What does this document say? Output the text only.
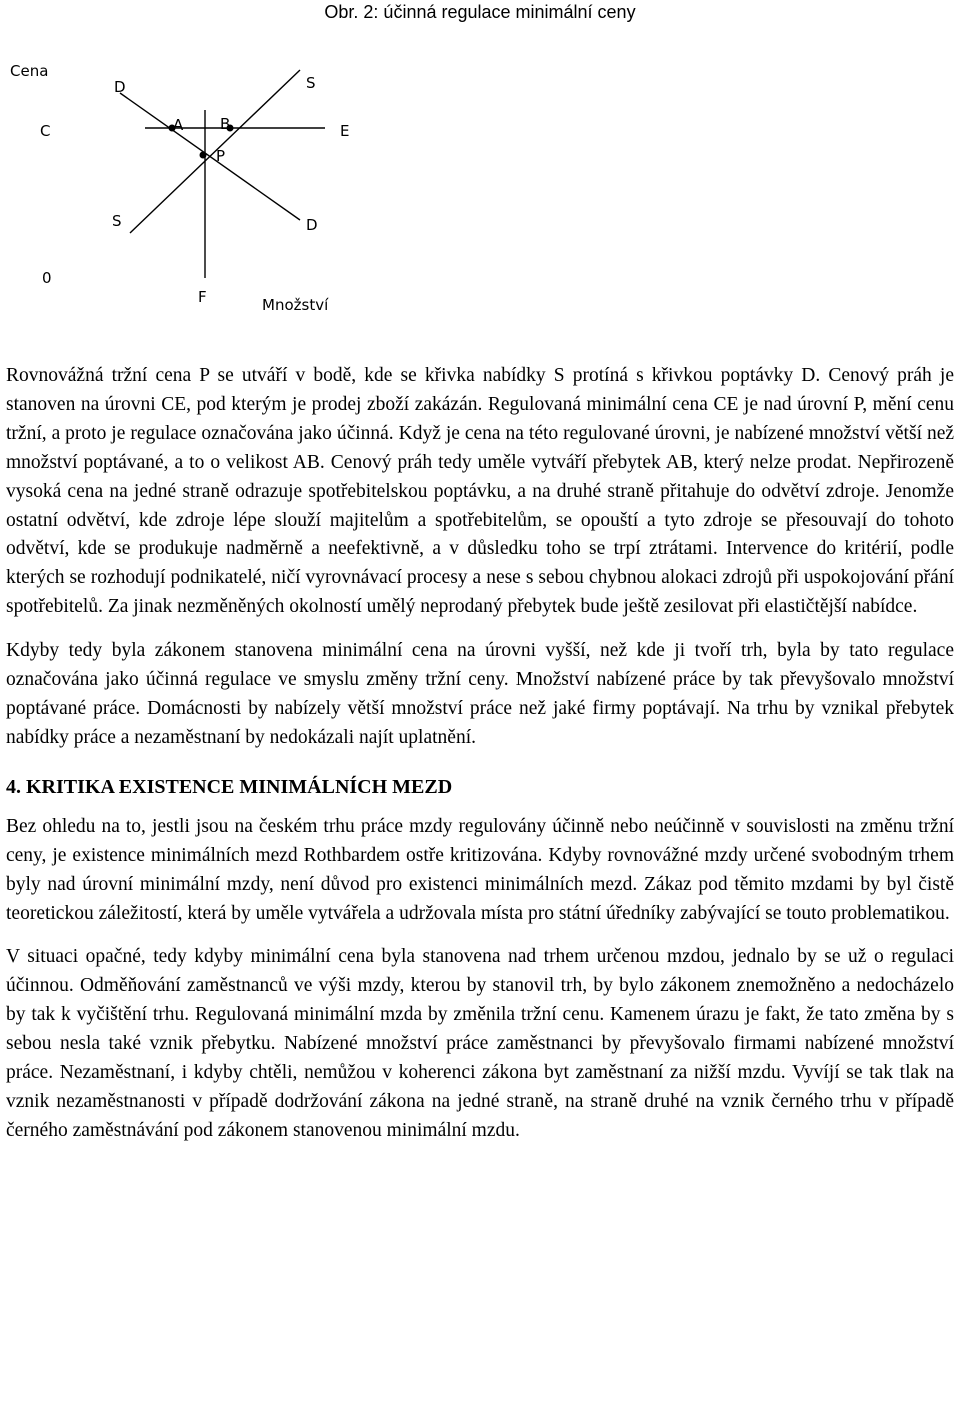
Obr. 2: účinná regulace minimální ceny
Cena
D	S
C	A B	E
P
S	D
0
F	Množství

Rovnovážná tržní cena P se utváří v bodě, kde se křivka nabídky S protíná s křivkou poptávky D. Cenový práh je stanoven na úrovni CE, pod kterým je prodej zboží zakázán. Regulovaná minimální cena CE je nad úrovní P, mění cenu tržní, a proto je regulace označována jako účinná. Když je cena na této regulované úrovni, je nabízené množství větší než množství poptávané, a to o velikost AB. Cenový práh tedy uměle vytváří přebytek AB, který nelze prodat. Nepřirozeně vysoká cena na jedné straně odrazuje spotřebitelskou poptávku, a na druhé straně přitahuje do odvětví zdroje. Jenomže ostatní odvětví, kde zdroje lépe slouží majitelům a spotřebitelům, se opouští a tyto zdroje se přesouvají do tohoto odvětví, kde se produkuje nadměrně a neefektivně, a v důsledku toho se trpí ztrátami. Intervence do kritérií, podle kterých se rozhodují podnikatelé, ničí vyrovnávací procesy a nese s sebou chybnou alokaci zdrojů při uspokojování přání spotřebitelů. Za jinak nezměněných okolností umělý neprodaný přebytek bude ještě zesilovat při elastičtější nabídce.

Kdyby tedy byla zákonem stanovena minimální cena na úrovni vyšší, než kde ji tvoří trh, byla by tato regulace označována jako účinná regulace ve smyslu změny tržní ceny. Množství nabízené práce by tak převyšovalo množství poptávané práce. Domácnosti by nabízely větší množství práce než jaké firmy poptávají. Na trhu by vznikal přebytek nabídky práce a nezaměstnaní by nedokázali najít uplatnění.

4. KRITIKA EXISTENCE MINIMÁLNÍCH MEZD

Bez ohledu na to, jestli jsou na českém trhu práce mzdy regulovány účinně nebo neúčinně v souvislosti na změnu tržní ceny, je existence minimálních mezd Rothbardem ostře kritizována. Kdyby rovnovážné mzdy určené svobodným trhem byly nad úrovní minimální mzdy, není důvod pro existenci minimálních mezd. Zákaz pod těmito mzdami by byl čistě teoretickou záležitostí, která by uměle vytvářela a udržovala místa pro státní úředníky zabývající se touto problematikou.

V situaci opačné, tedy kdyby minimální cena byla stanovena nad trhem určenou mzdou, jednalo by se už o regulaci účinnou. Odměňování zaměstnanců ve výši mzdy, kterou by stanovil trh, by bylo zákonem znemožněno a nedocházelo by tak k vyčištění trhu. Regulovaná minimální mzda by změnila tržní cenu. Kamenem úrazu je fakt, že tato změna by s sebou nesla také vznik přebytku. Nabízené množství práce zaměstnanci by převyšovalo firmami nabízené množství práce. Nezaměstnaní, i kdyby chtěli, nemůžou v koherenci zákona byt zaměstnaní za nižší mzdu. Vyvíjí se tak tlak na vznik nezaměstnanosti v případě dodržování zákona na jedné straně, na straně druhé na vznik černého trhu v případě černého zaměstnávání pod zákonem stanovenou minimální mzdu.
